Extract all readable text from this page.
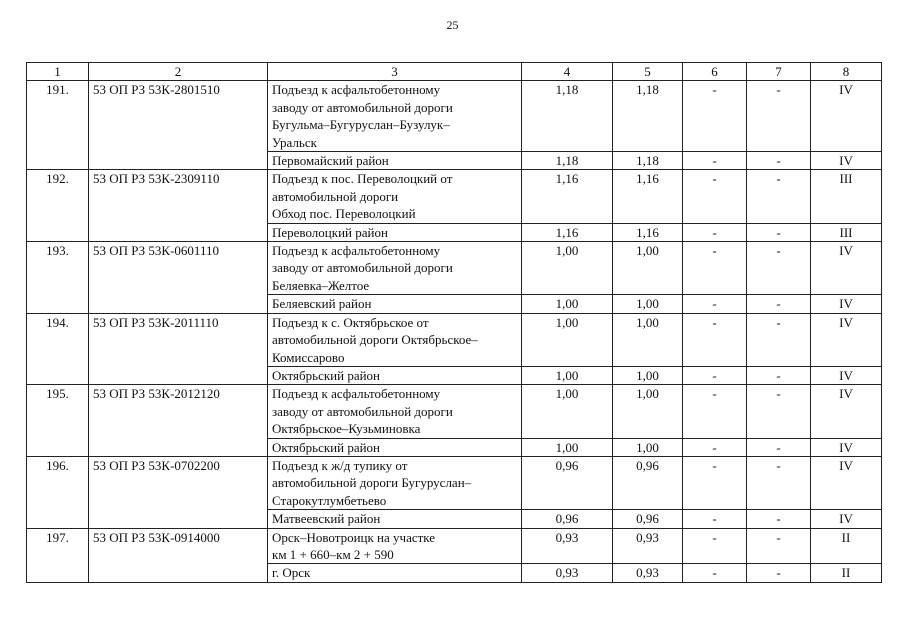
25
1	2	3	4	5	6	7	8
191.	53 ОП РЗ 53К-2801510	Подъезд к асфальтобетонному
заводу от автомобильной дороги
Бугульма–Бугуруслан–Бузулук–
Уральск	1,18	1,18	-	-	IV
		Первомайский район	1,18	1,18	-	-	IV
192.	53 ОП РЗ 53К-2309110	Подъезд к пос. Переволоцкий от
автомобильной дороги
Обход пос. Переволоцкий	1,16	1,16	-	-	III
		Переволоцкий район	1,16	1,16	-	-	III
193.	53 ОП РЗ 53К-0601110	Подъезд к асфальтобетонному
заводу от автомобильной дороги
Беляевка–Желтое	1,00	1,00	-	-	IV
		Беляевский район	1,00	1,00	-	-	IV
194.	53 ОП РЗ 53К-2011110	Подъезд к с. Октябрьское от
автомобильной дороги Октябрьское–
Комиссарово	1,00	1,00	-	-	IV
		Октябрьский район	1,00	1,00	-	-	IV
195.	53 ОП РЗ 53К-2012120	Подъезд к асфальтобетонному
заводу от автомобильной дороги
Октябрьское–Кузьминовка	1,00	1,00	-	-	IV
		Октябрьский район	1,00	1,00	-	-	IV
196.	53 ОП РЗ 53К-0702200	Подъезд к ж/д тупику от
автомобильной дороги Бугуруслан–
Старокутлумбетьево	0,96	0,96	-	-	IV
		Матвеевский район	0,96	0,96	-	-	IV
197.	53 ОП РЗ 53К-0914000	Орск–Новотроицк на участке
км 1 + 660–км 2 + 590	0,93	0,93	-	-	II
		г. Орск	0,93	0,93	-	-	II
